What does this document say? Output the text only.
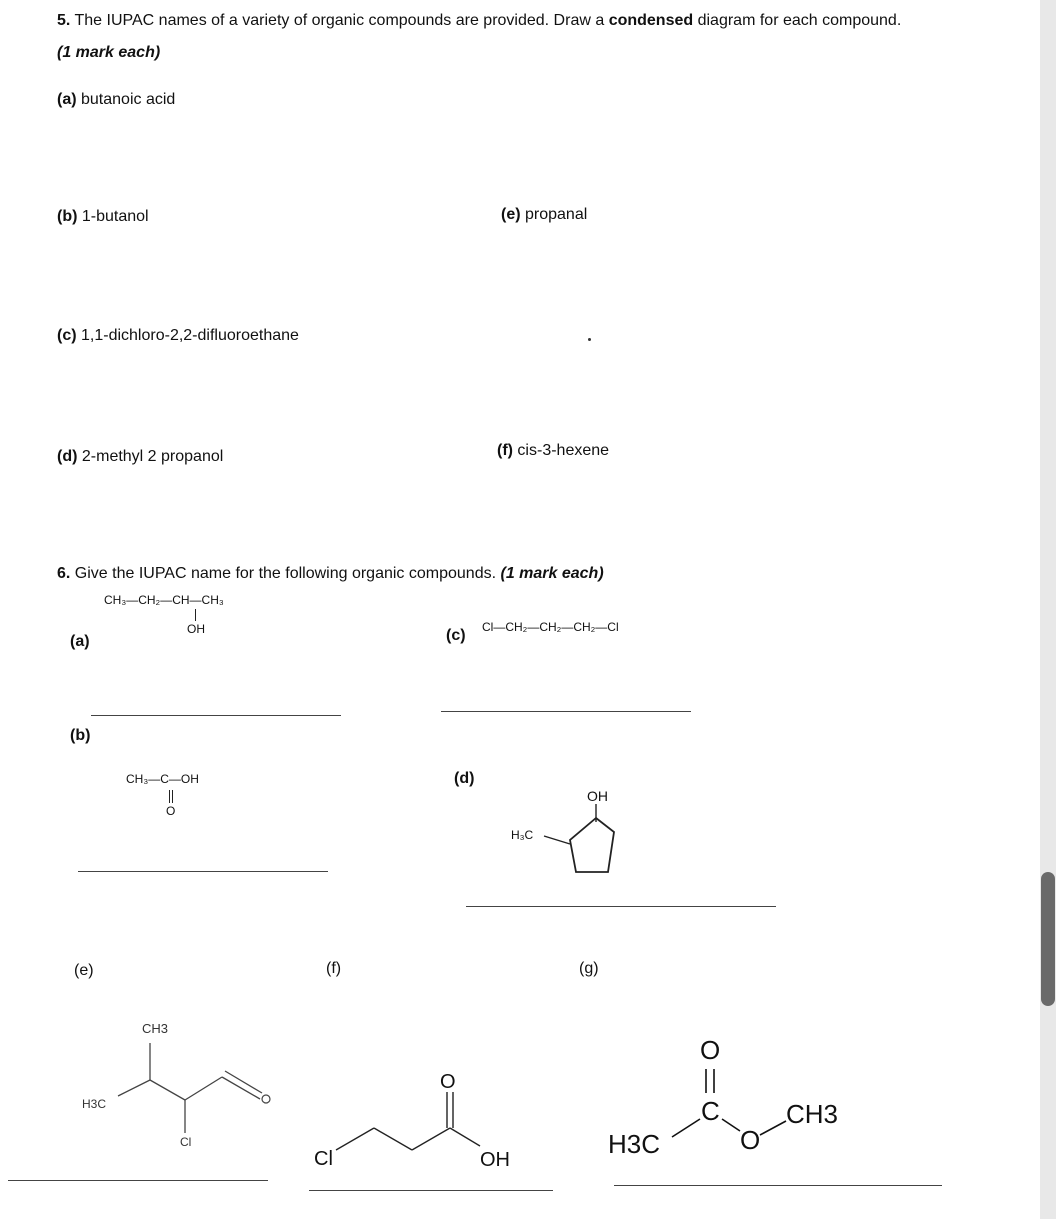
5. The IUPAC names of a variety of organic compounds are provided. Draw a condensed diagram for each compound.
(1 mark each)
(a) butanoic acid
(b) 1-butanol	(e) propanal
(c) 1,1-dichloro-2,2-difluoroethane
(d) 2-methyl 2 propanol	(f) cis-3-hexene
6. Give the IUPAC name for the following organic compounds. (1 mark each)
CH₃—CH₂—CH—CH₃
OH
(a)	(c) Cl—CH₂—CH₂—CH₂—Cl
(b)
CH₃—C—OH
O
(d)
OH
H₃C
(e)	(f)	(g)
CH3
H3C
Cl
Cl
O
OH
O
C
O
H3C
CH3
